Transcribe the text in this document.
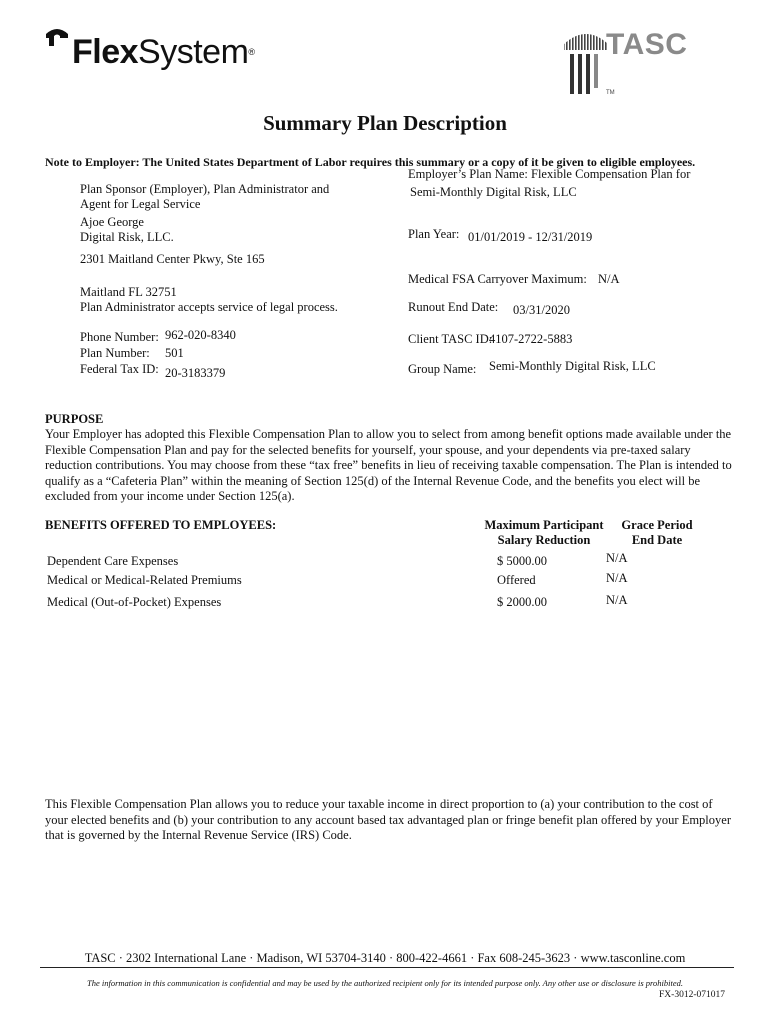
FlexSystem®	TASC
TM
Summary Plan Description
Note to Employer: The United States Department of Labor requires this summary or a copy of it be given to eligible employees.
Plan Sponsor (Employer), Plan Administrator and
Agent for Legal Service
Ajoe George
Digital Risk, LLC.
2301 Maitland Center Pkwy, Ste 165
Maitland FL 32751
Plan Administrator accepts service of legal process.
Phone Number: 962-020-8340
Plan Number: 501
Federal Tax ID: 20-3183379
Employer’s Plan Name: Flexible Compensation Plan for
Semi-Monthly Digital Risk, LLC
Plan Year: 01/01/2019 - 12/31/2019
Medical FSA Carryover Maximum: N/A
Runout End Date: 03/31/2020
Client TASC ID:
4107-2722-5883
Group Name: Semi-Monthly Digital Risk, LLC
PURPOSE
Your Employer has adopted this Flexible Compensation Plan to allow you to select from among benefit options made available under the Flexible Compensation Plan and pay for the selected benefits for yourself, your spouse, and your dependents via pre-taxed salary reduction contributions. You may choose from these “tax free” benefits in lieu of receiving taxable compensation. The Plan is intended to qualify as a “Cafeteria Plan” within the meaning of Section 125(d) of the Internal Revenue Code, and the benefits you elect will be excluded from your income under Section 125(a).
BENEFITS OFFERED TO EMPLOYEES:	Maximum Participant
Salary Reduction
Grace Period
End Date
Dependent Care Expenses	$ 5000.00	N/A
Medical or Medical-Related Premiums	Offered	N/A
Medical (Out-of-Pocket) Expenses	$ 2000.00	N/A
This Flexible Compensation Plan allows you to reduce your taxable income in direct proportion to (a) your contribution to the cost of your elected benefits and (b) your contribution to any account based tax advantaged plan or fringe benefit plan offered by your Employer that is governed by the Internal Revenue Service (IRS) Code.
TASC · 2302 International Lane · Madison, WI 53704-3140 · 800-422-4661 · Fax 608-245-3623 · www.tasconline.com
The information in this communication is confidential and may be used by the authorized recipient only for its intended purpose only. Any other use or disclosure is prohibited.
FX-3012-071017
